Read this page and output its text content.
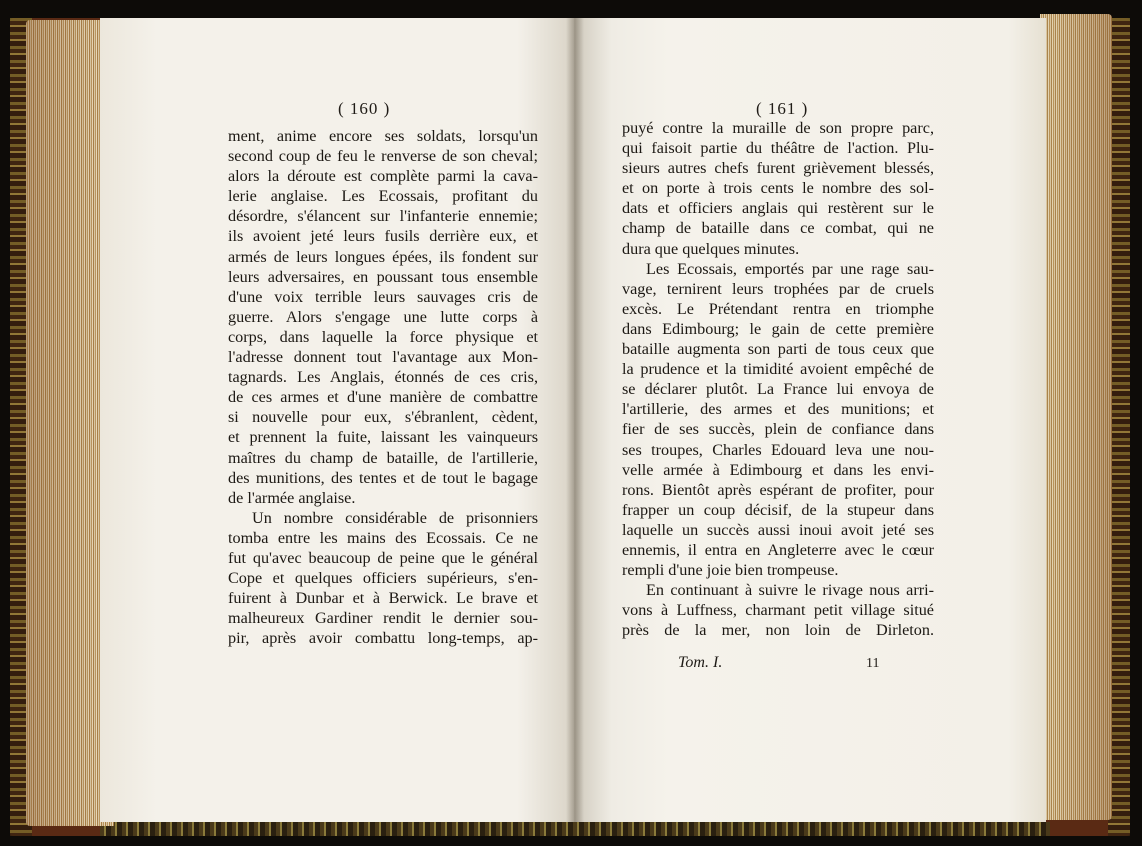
( 160 )
ment, anime encore ses soldats, lorsqu'un
second coup de feu le renverse de son cheval;
alors la déroute est complète parmi la cava-
lerie anglaise. Les Ecossais, profitant du
désordre, s'élancent sur l'infanterie ennemie;
ils avoient jeté leurs fusils derrière eux, et
armés de leurs longues épées, ils fondent sur
leurs adversaires, en poussant tous ensemble
d'une voix terrible leurs sauvages cris de
guerre. Alors s'engage une lutte corps à
corps, dans laquelle la force physique et
l'adresse donnent tout l'avantage aux Mon-
tagnards. Les Anglais, étonnés de ces cris,
de ces armes et d'une manière de combattre
si nouvelle pour eux, s'ébranlent, cèdent,
et prennent la fuite, laissant les vainqueurs
maîtres du champ de bataille, de l'artillerie,
des munitions, des tentes et de tout le bagage
de l'armée anglaise.
Un nombre considérable de prisonniers
tomba entre les mains des Ecossais. Ce ne
fut qu'avec beaucoup de peine que le général
Cope et quelques officiers supérieurs, s'en-
fuirent à Dunbar et à Berwick. Le brave et
malheureux Gardiner rendit le dernier sou-
pir, après avoir combattu long-temps, ap-
( 161 )
puyé contre la muraille de son propre parc,
qui faisoit partie du théâtre de l'action. Plu-
sieurs autres chefs furent grièvement blessés,
et on porte à trois cents le nombre des sol-
dats et officiers anglais qui restèrent sur le
champ de bataille dans ce combat, qui ne
dura que quelques minutes.
Les Ecossais, emportés par une rage sau-
vage, ternirent leurs trophées par de cruels
excès. Le Prétendant rentra en triomphe
dans Edimbourg; le gain de cette première
bataille augmenta son parti de tous ceux que
la prudence et la timidité avoient empêché de
se déclarer plutôt. La France lui envoya de
l'artillerie, des armes et des munitions; et
fier de ses succès, plein de confiance dans
ses troupes, Charles Edouard leva une nou-
velle armée à Edimbourg et dans les envi-
rons. Bientôt après espérant de profiter, pour
frapper un coup décisif, de la stupeur dans
laquelle un succès aussi inoui avoit jeté ses
ennemis, il entra en Angleterre avec le cœur
rempli d'une joie bien trompeuse.
En continuant à suivre le rivage nous arri-
vons à Luffness, charmant petit village situé
près de la mer, non loin de Dirleton.
Tom. I.	11
